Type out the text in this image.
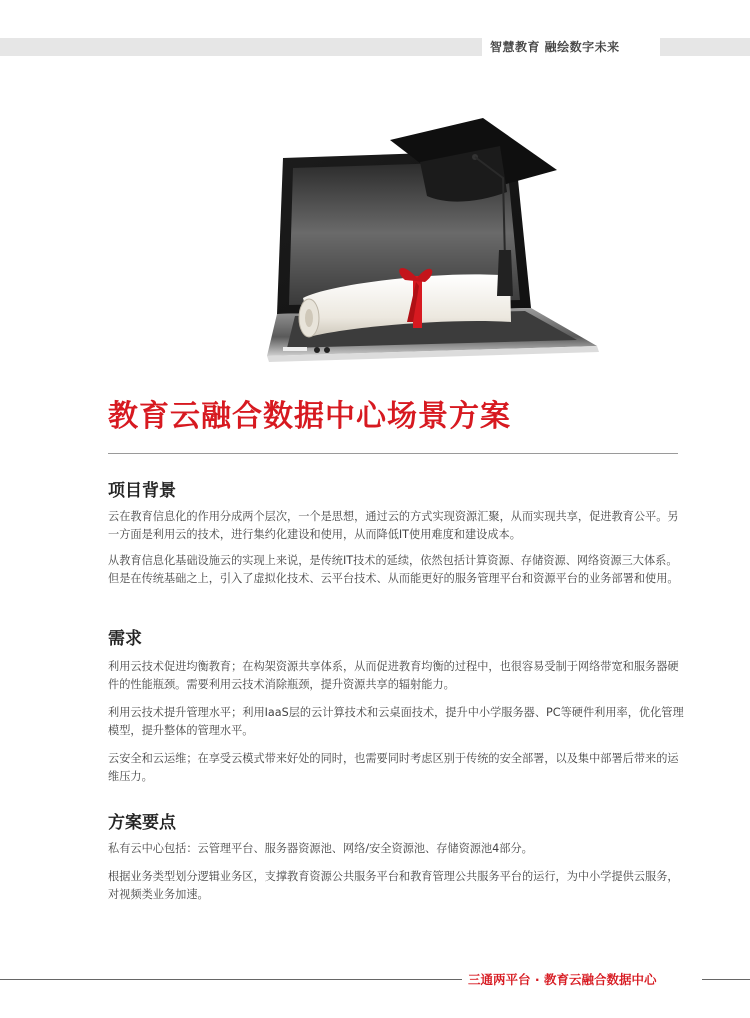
智慧教育 融绘数字未来
教育云融合数据中心场景方案
项目背景

云在教育信息化的作用分成两个层次，一个是思想，通过云的方式实现资源汇聚，从而实现共享，促进教育公平。另一方面是利用云的技术，进行集约化建设和使用，从而降低IT使用难度和建设成本。

从教育信息化基础设施云的实现上来说，是传统IT技术的延续，依然包括计算资源、存储资源、网络资源三大体系。但是在传统基础之上，引入了虚拟化技术、云平台技术、从而能更好的服务管理平台和资源平台的业务部署和使用。

需求

利用云技术促进均衡教育；在构架资源共享体系，从而促进教育均衡的过程中，也很容易受制于网络带宽和服务器硬件的性能瓶颈。需要利用云技术消除瓶颈，提升资源共享的辐射能力。

利用云技术提升管理水平；利用IaaS层的云计算技术和云桌面技术，提升中小学服务器、PC等硬件利用率，优化管理模型，提升整体的管理水平。

云安全和云运维；在享受云模式带来好处的同时，也需要同时考虑区别于传统的安全部署，以及集中部署后带来的运维压力。

方案要点

私有云中心包括：云管理平台、服务器资源池、网络/安全资源池、存储资源池4部分。

根据业务类型划分逻辑业务区，支撑教育资源公共服务平台和教育管理公共服务平台的运行，为中小学提供云服务，对视频类业务加速。

三通两平台 · 教育云融合数据中心
